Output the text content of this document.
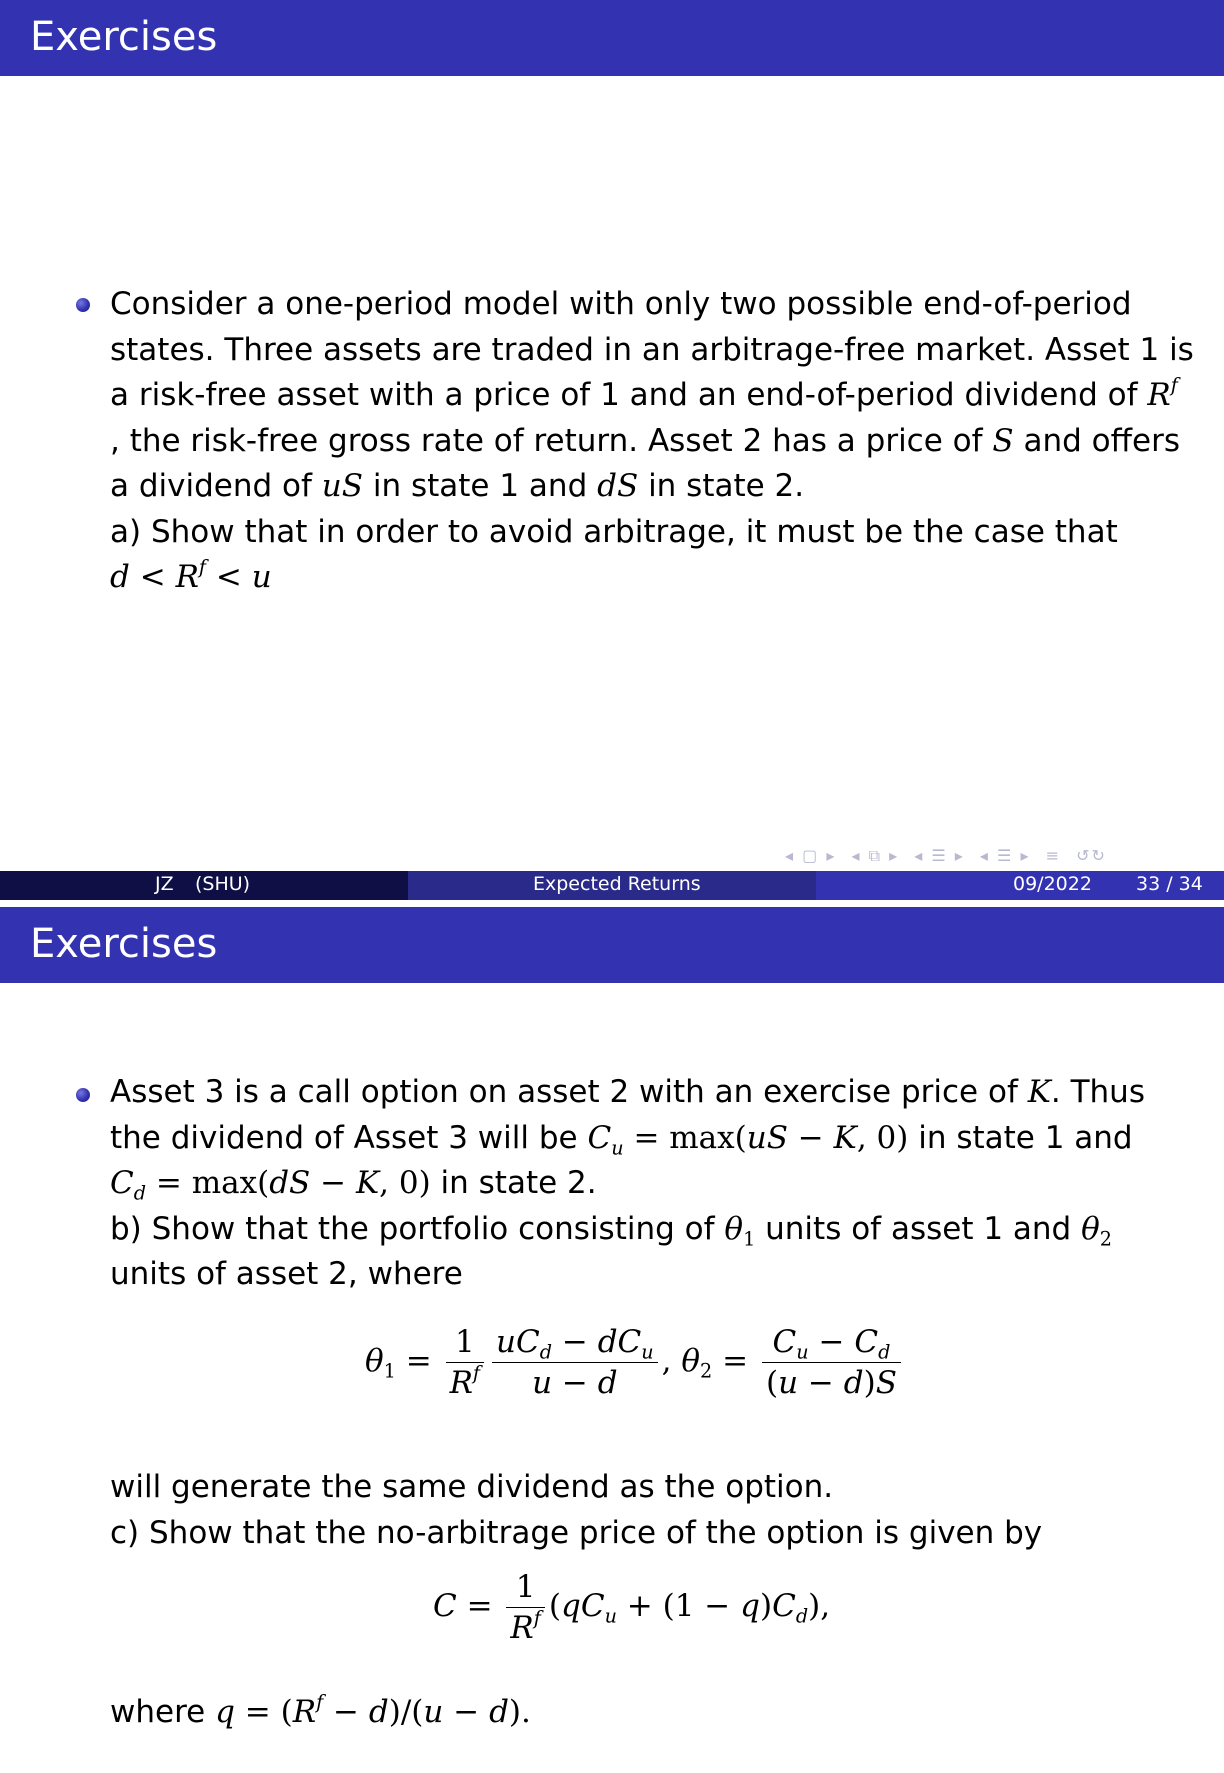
Exercises
Consider a one-period model with only two possible end-of-period
states. Three assets are traded in an arbitrage-free market. Asset 1 is
a risk-free asset with a price of 1 and an end-of-period dividend of $R^f$
, the risk-free gross rate of return. Asset 2 has a price of S and offers
a dividend of uS in state 1 and dS in state 2.
a) Show that in order to avoid arbitrage, it must be the case that
$d < R^f < u$
◂ ▢ ▸ ◂ ⧉ ▸ ◂ ☰ ▸ ◂ ☰ ▸ ≡ ↺↻
JZ (SHU)	Expected Returns	09/2022 33 / 34
Exercises
Asset 3 is a call option on asset 2 with an exercise price of K. Thus
the dividend of Asset 3 will be $C_u = \max(uS - K$, 0) in state 1 and
$C_d = \max(dS - K$, 0) in state 2.
b) Show that the portfolio consisting of $\theta_1$ units of asset 1 and $\theta_2$
units of asset 2, where
$\theta_1 = \frac{1}{R^f} \frac{uC_d - dC_u}{u - d}$ , $\theta_2 = \frac{C_u - C_d}{(u - d)S}$
will generate the same dividend as the option.
c) Show that the no-arbitrage price of the option is given by
$C = \frac{1}{R^f} (qC_u + (1 - q)C_d)$,
where $q = (R^f - d)/(u - d)$.
